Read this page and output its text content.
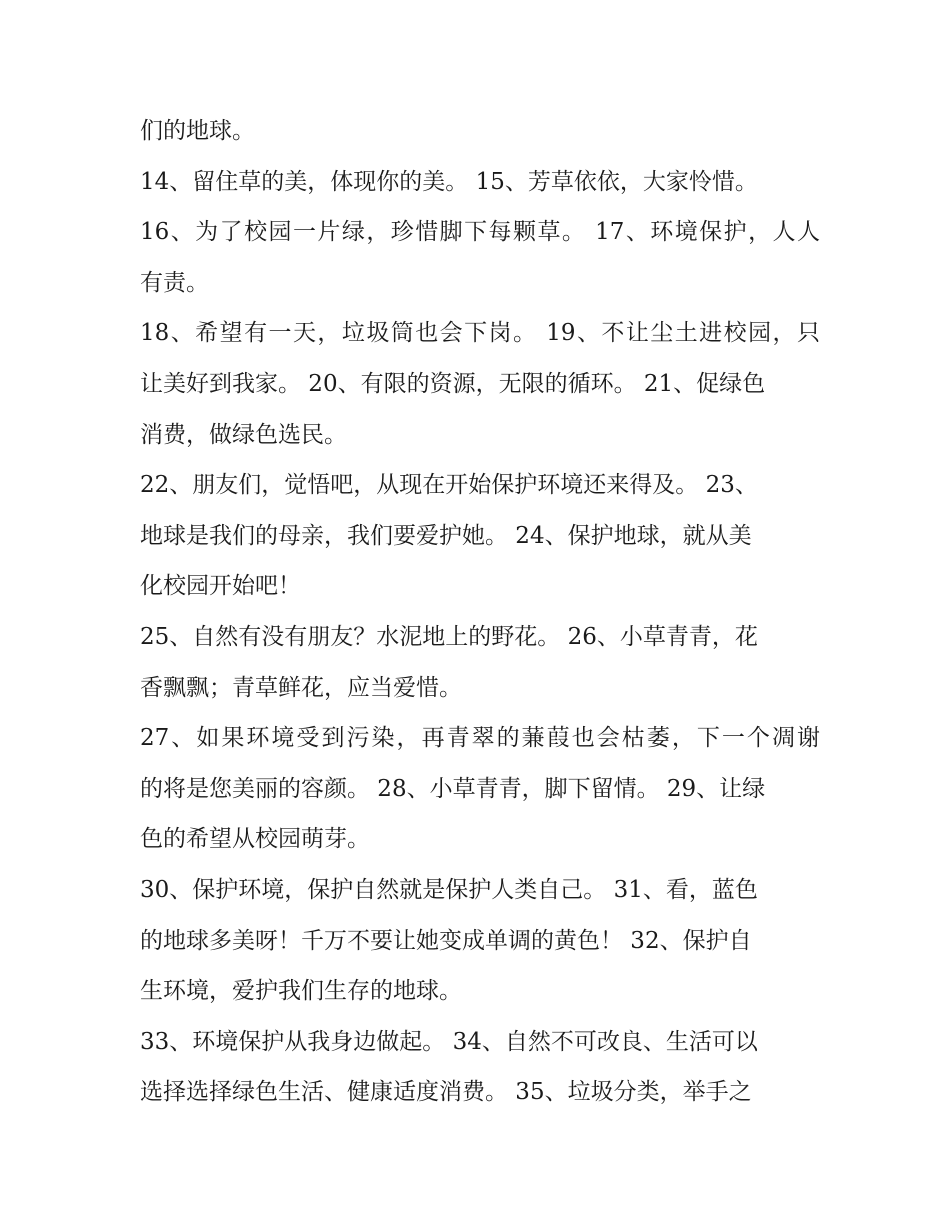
们的地球。
14、留住草的美，体现你的美。 15、芳草依依，大家怜惜。
16、为了校园一片绿，珍惜脚下每颗草。 17、环境保护，人人
有责。
18、希望有一天，垃圾筒也会下岗。 19、不让尘土进校园，只
让美好到我家。 20、有限的资源，无限的循环。 21、促绿色
消费，做绿色选民。
22、朋友们，觉悟吧，从现在开始保护环境还来得及。 23、
地球是我们的母亲，我们要爱护她。 24、保护地球，就从美
化校园开始吧！
25、自然有没有朋友？水泥地上的野花。 26、小草青青，花
香飘飘；青草鲜花，应当爱惜。
27、如果环境受到污染，再青翠的蒹葭也会枯萎，下一个凋谢
的将是您美丽的容颜。 28、小草青青，脚下留情。 29、让绿
色的希望从校园萌芽。
30、保护环境，保护自然就是保护人类自己。 31、看，蓝色
的地球多美呀！千万不要让她变成单调的黄色！ 32、保护自
生环境，爱护我们生存的地球。
33、环境保护从我身边做起。 34、自然不可改良、生活可以
选择选择绿色生活、健康适度消费。 35、垃圾分类，举手之
